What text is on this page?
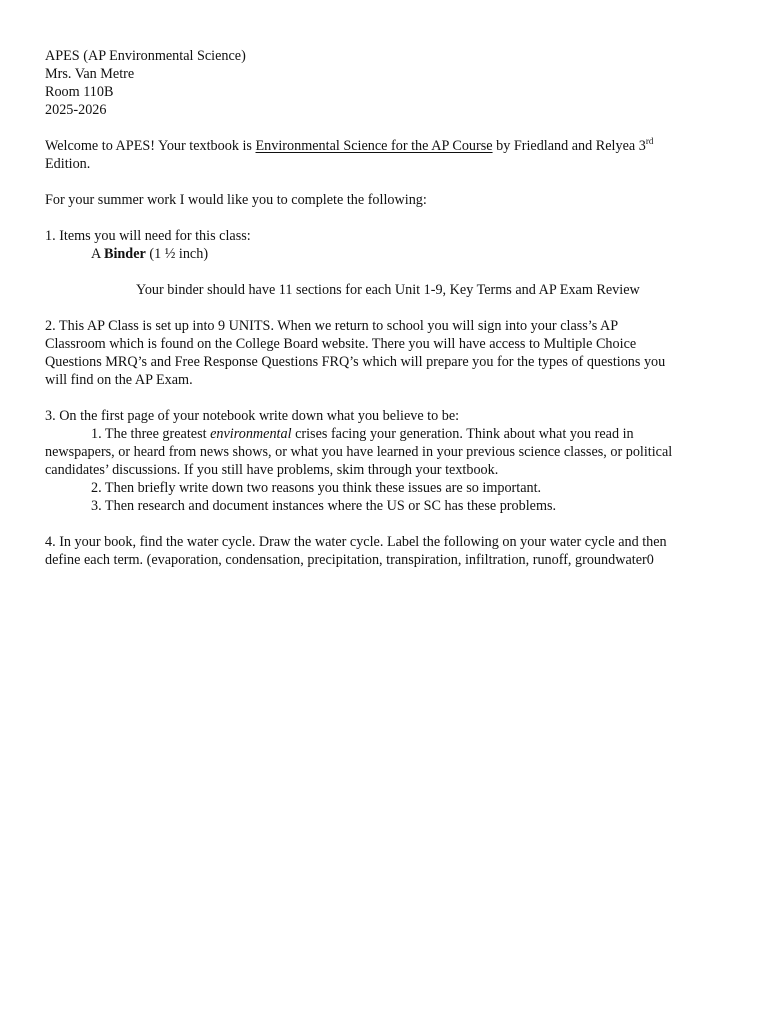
APES (AP Environmental Science)
Mrs. Van Metre
Room 110B
2025-2026
Welcome to APES! Your textbook is Environmental Science for the AP Course by Friedland and Relyea 3rd
Edition.
For your summer work I would like you to complete the following:
1. Items you will need for this class:
A Binder (1 ½ inch)
Your binder should have 11 sections for each Unit 1-9, Key Terms and AP Exam Review
2. This AP Class is set up into 9 UNITS. When we return to school you will sign into your class’s AP
Classroom which is found on the College Board website. There you will have access to Multiple Choice
Questions MRQ’s and Free Response Questions FRQ’s which will prepare you for the types of questions you
will find on the AP Exam.
3. On the first page of your notebook write down what you believe to be:
1. The three greatest environmental crises facing your generation. Think about what you read in
newspapers, or heard from news shows, or what you have learned in your previous science classes, or political
candidates’ discussions. If you still have problems, skim through your textbook.
2. Then briefly write down two reasons you think these issues are so important.
3. Then research and document instances where the US or SC has these problems.
4. In your book, find the water cycle. Draw the water cycle. Label the following on your water cycle and then
define each term. (evaporation, condensation, precipitation, transpiration, infiltration, runoff, groundwater0
